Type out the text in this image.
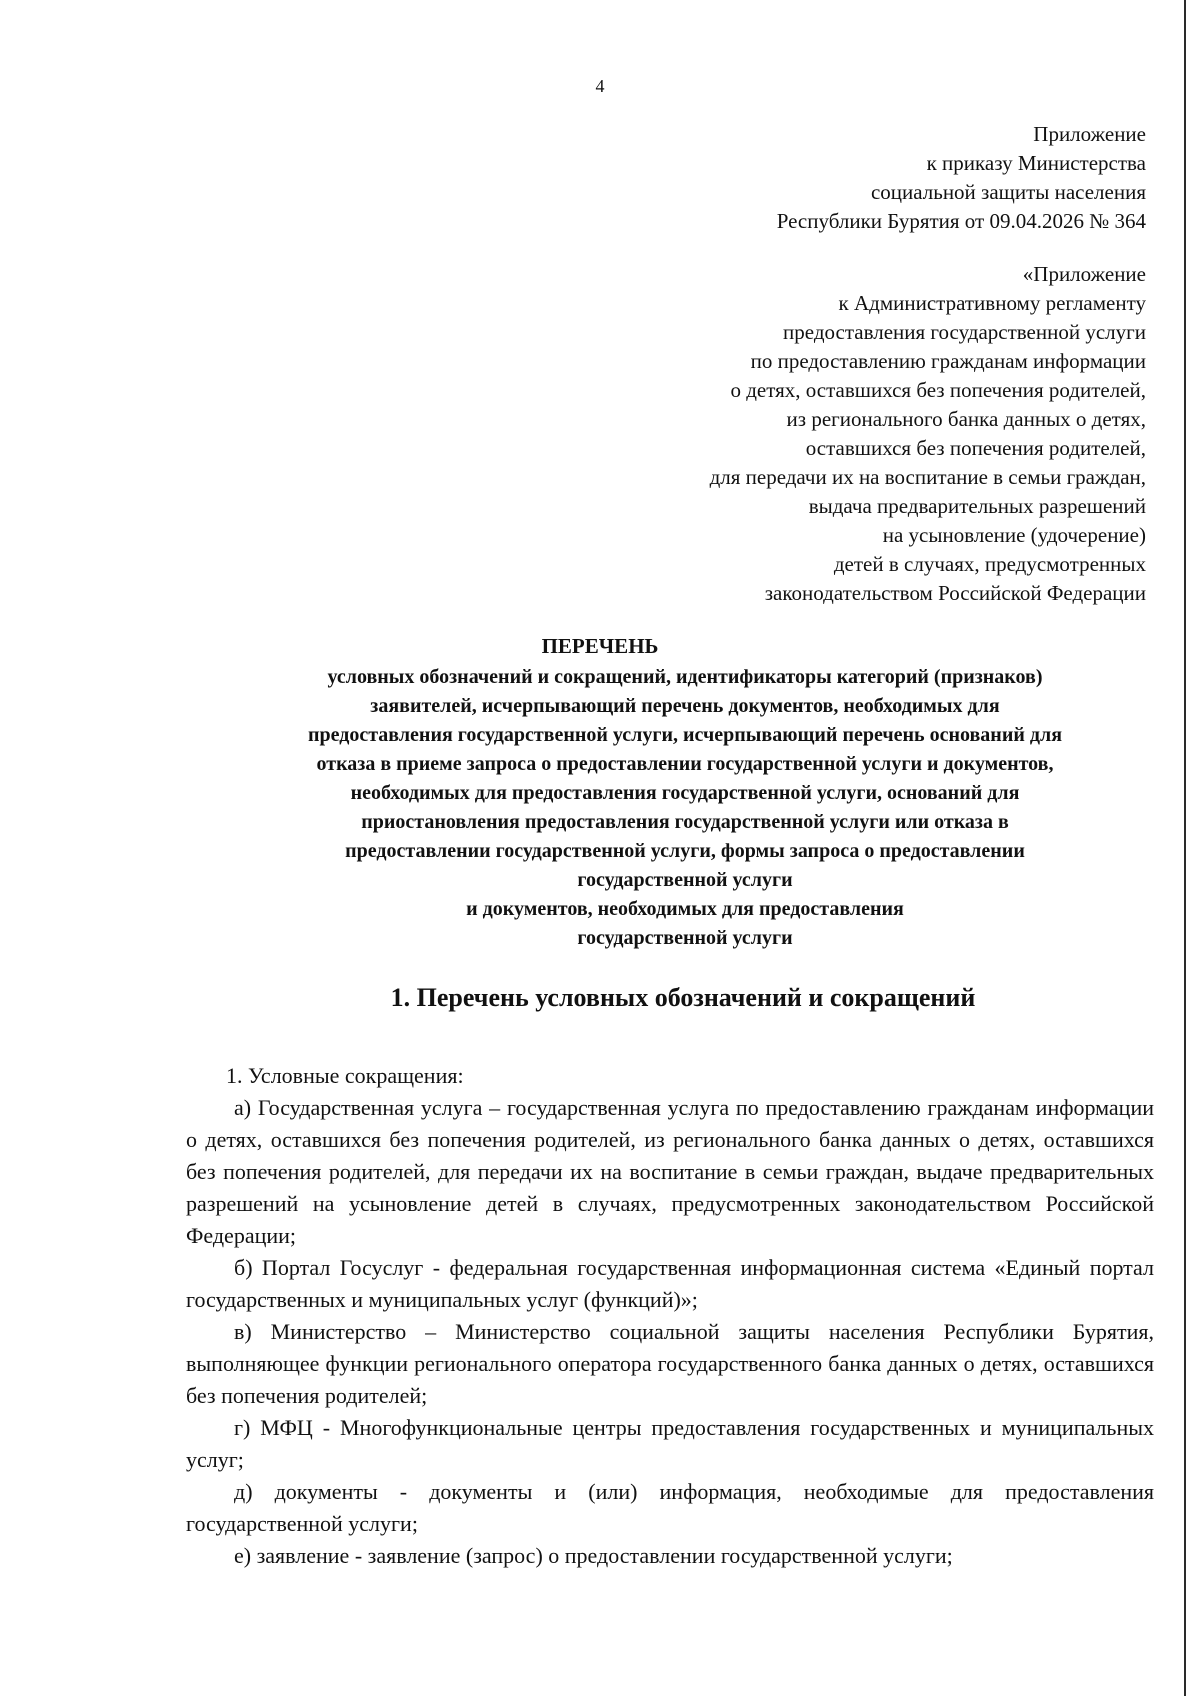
4
Приложение
к приказу Министерства
социальной защиты населения
Республики Бурятия от 09.04.2026 № 364
«Приложение
к Административному регламенту
предоставления государственной услуги
по предоставлению гражданам информации
о детях, оставшихся без попечения родителей,
из регионального банка данных о детях,
оставшихся без попечения родителей,
для передачи их на воспитание в семьи граждан,
выдача предварительных разрешений
на усыновление (удочерение)
детей в случаях, предусмотренных
законодательством Российской Федерации
ПЕРЕЧЕНЬ
условных обозначений и сокращений, идентификаторы категорий (признаков)
заявителей, исчерпывающий перечень документов, необходимых для
предоставления государственной услуги, исчерпывающий перечень оснований для
отказа в приеме запроса о предоставлении государственной услуги и документов,
необходимых для предоставления государственной услуги, оснований для
приостановления предоставления государственной услуги или отказа в
предоставлении государственной услуги, формы запроса о предоставлении
государственной услуги
и документов, необходимых для предоставления
государственной услуги
1. Перечень условных обозначений и сокращений

1. Условные сокращения:

а) Государственная услуга – государственная услуга по предоставлению гражданам информации о детях, оставшихся без попечения родителей, из регионального банка данных о детях, оставшихся без попечения родителей, для передачи их на воспитание в семьи граждан, выдаче предварительных разрешений на усыновление детей в случаях, предусмотренных законодательством Российской Федерации;

б) Портал Госуслуг - федеральная государственная информационная система «Единый портал государственных и муниципальных услуг (функций)»;

в) Министерство – Министерство социальной защиты населения Республики Бурятия, выполняющее функции регионального оператора государственного банка данных о детях, оставшихся без попечения родителей;

г) МФЦ - Многофункциональные центры предоставления государственных и муниципальных услуг;

д) документы - документы и (или) информация, необходимые для предоставления государственной услуги;

е) заявление - заявление (запрос) о предоставлении государственной услуги;
